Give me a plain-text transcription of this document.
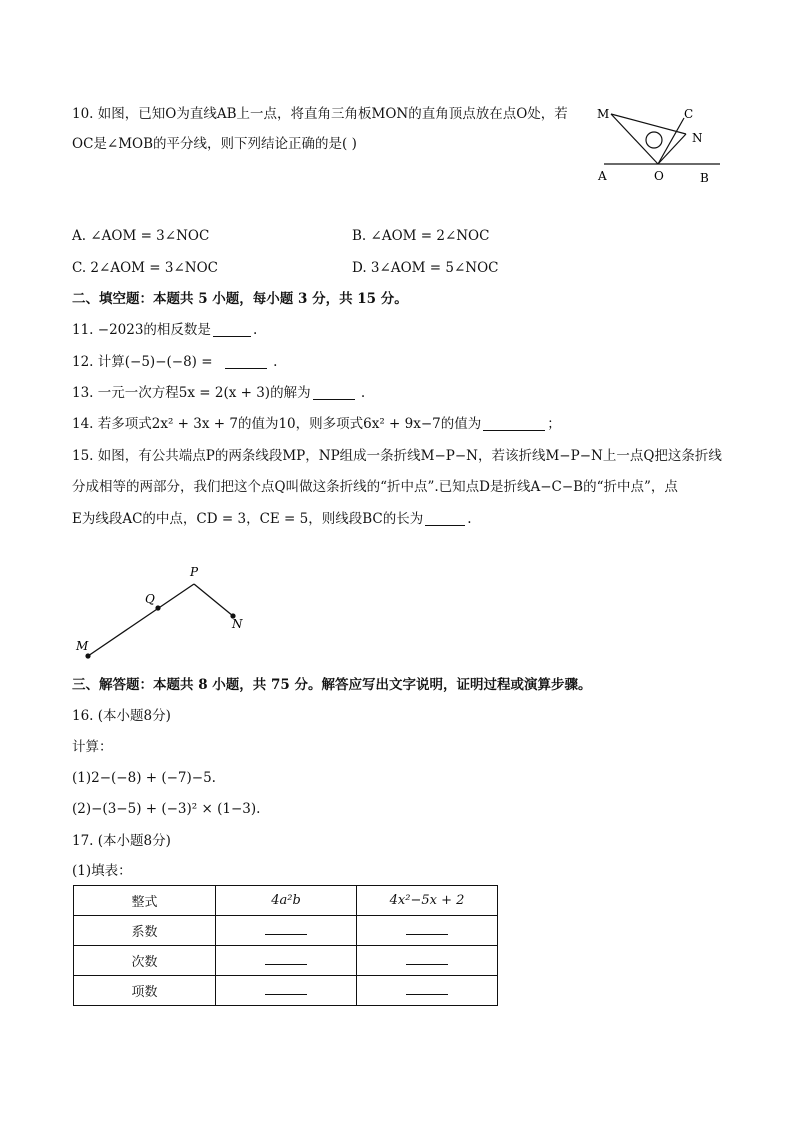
10. 如图，已知O为直线AB上一点，将直角三角板MON的直角顶点放在点O处，若
OC是∠MOB的平分线，则下列结论正确的是( )
M	C
N
A	O	B
A. ∠AOM = 3∠NOC	B. ∠AOM = 2∠NOC
C. 2∠AOM = 3∠NOC	D. 3∠AOM = 5∠NOC
二、填空题：本题共 5 小题，每小题 3 分，共 15 分。
11. −2023的相反数是	.
12. 计算(−5)−(−8) =	.
13. 一元一次方程5x = 2(x + 3)的解为	.
14. 若多项式2x² + 3x + 7的值为10，则多项式6x² + 9x−7的值为	；
15. 如图，有公共端点P的两条线段MP，NP组成一条折线M−P−N，若该折线M−P−N上一点Q把这条折线
分成相等的两部分，我们把这个点Q叫做这条折线的“折中点”.已知点D是折线A−C−B的“折中点”，点
E为线段AC的中点，CD = 3，CE = 5，则线段BC的长为	.
P
Q
M
N
三、解答题：本题共 8 小题，共 75 分。解答应写出文字说明，证明过程或演算步骤。
16. (本小题8分)
计算：
(1)2−(−8) + (−7)−5.
(2)−(3−5) + (−3)² × (1−3).
17. (本小题8分)
(1)填表：
整式	4a²b	4x²−5x + 2
系数		
次数		
项数		
